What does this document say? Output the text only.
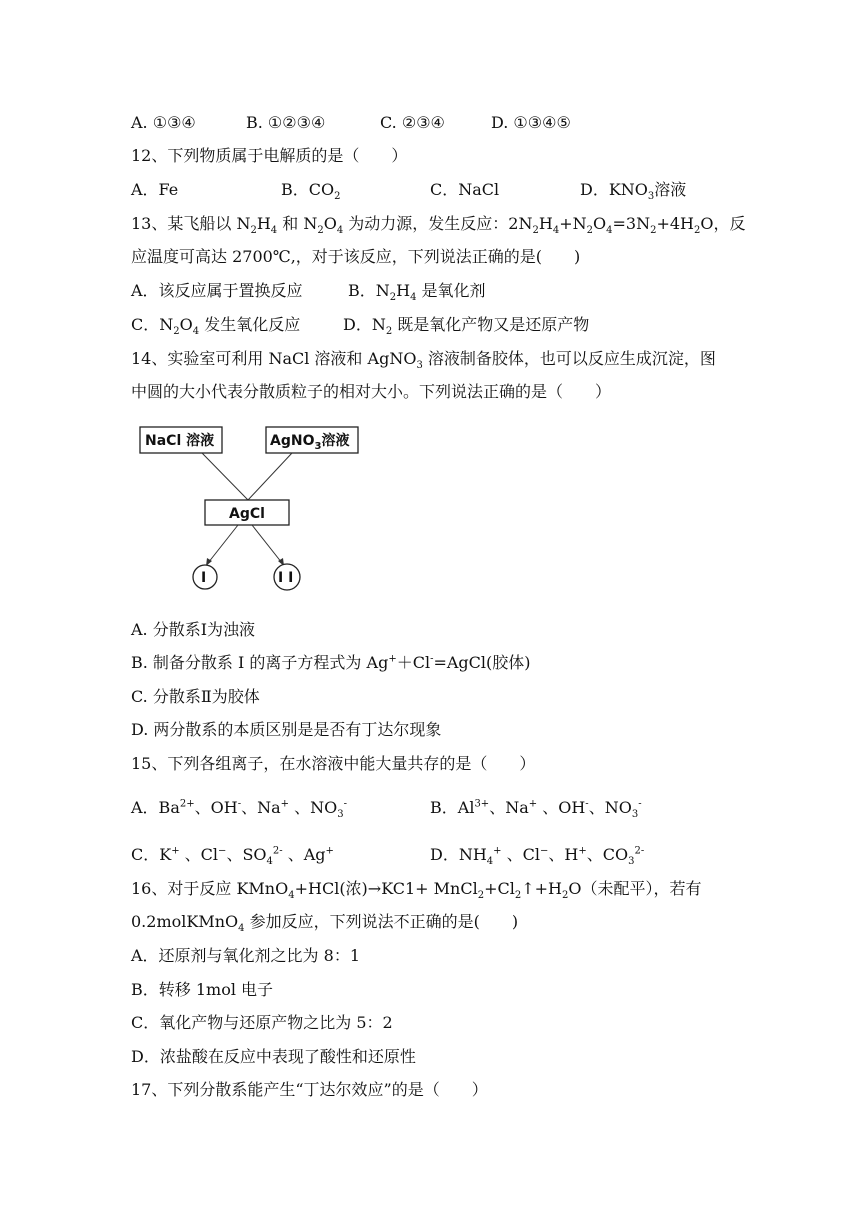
A. ①③④	B. ①②③④	C. ②③④	D. ①③④⑤
12、下列物质属于电解质的是（　　）
A．Fe	B．$CO_2$	C．NaCl	D．$KNO_3$溶液
13、某飞船以 $N_2H_4$ 和 $N_2O_4$ 为动力源，发生反应：$2N_2H_4+N_2O_4=3N_2+4H_2O$，反
应温度可高达 2700℃,，对于该反应，下列说法正确的是(　　)
A．该反应属于置换反应	B．$N_2H_4$ 是氧化剂
C．$N_2O_4$ 发生氧化反应	D．$N_2$ 既是氧化产物又是还原产物
14、实验室可利用 NaCl 溶液和 AgNO$_3$ 溶液制备胶体，也可以反应生成沉淀，图
中圆的大小代表分散质粒子的相对大小。下列说法正确的是（　　）
NaCl 溶液	AgNO$_3$溶液
AgCl
I	I I
A. 分散系Ⅰ为浊液
B. 制备分散系 I 的离子方程式为 Ag+＋Cl-=AgCl(胶体)
C. 分散系Ⅱ为胶体
D. 两分散系的本质区别是是否有丁达尔现象
15、下列各组离子，在水溶液中能大量共存的是（　　）
A．$Ba^{2+}$、OH-、Na+ 、$NO_3^-$	B．$Al^{3+}$、Na+ 、OH-、$NO_3^-$
C．K+ 、Cl−、$SO_4^{2-}$ 、Ag+	D．$NH_4^+$ 、Cl−、H+、$CO_3^{2-}$
16、对于反应 KMnO$_4$+HCl(浓)$\to KC1+ MnCl_2+Cl_2↑+H_2O$（未配平），若有
0.2molKMnO$_4$ 参加反应，下列说法不正确的是(　　)
A．还原剂与氧化剂之比为 8：1
B．转移 1mol 电子
C．氧化产物与还原产物之比为 5：2
D．浓盐酸在反应中表现了酸性和还原性
17、下列分散系能产生“丁达尔效应”的是（　　）
